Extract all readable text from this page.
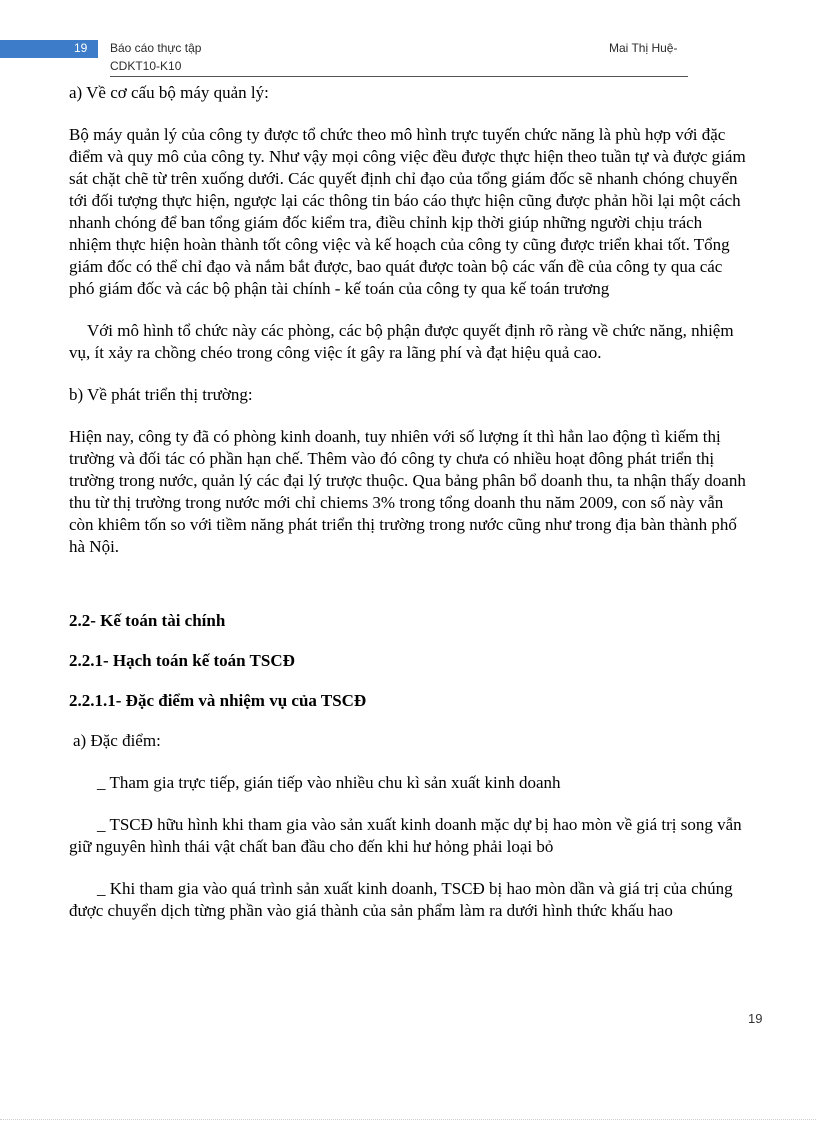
19 Báo cáo thực tập	Mai Thị Huệ-
CDKT10-K10

a) Về cơ cấu bộ máy quản lý:

Bộ máy quản lý của công ty được tổ chức theo mô hình trực tuyến chức năng là phù hợp với đặc điểm và quy mô của công ty. Như vậy mọi công việc đều được thực hiện theo tuần tự và được giám sát chặt chẽ từ trên xuống dưới. Các quyết định chỉ đạo của tổng giám đốc sẽ nhanh chóng chuyển tới đối tượng thực hiện, ngược lại các thông tin báo cáo thực hiện cũng được phản hồi lại một cách nhanh chóng để ban tổng giám đốc kiểm tra, điều chỉnh kịp thời giúp những người chịu trách nhiệm thực hiện hoàn thành tốt công việc và kế hoạch của công ty cũng được triển khai tốt. Tổng giám đốc có thể chỉ đạo và nắm bắt được, bao quát được toàn bộ các vấn đề của công ty qua các phó giám đốc và các bộ phận tài chính - kế toán của công ty qua kế toán trương

Với mô hình tổ chức này các phòng, các bộ phận được quyết định rõ ràng về chức năng, nhiệm vụ, ít xảy ra chồng chéo trong công việc ít gây ra lãng phí và đạt hiệu quả cao.

b) Về phát triển thị trường:

Hiện nay, công ty đã có phòng kinh doanh, tuy nhiên với số lượng ít thì hẳn lao động tì kiếm thị trường và đối tác có phần hạn chế. Thêm vào đó công ty chưa có nhiều hoạt đông phát triển thị trường trong nước, quản lý các đại lý trược thuộc. Qua bảng phân bổ doanh thu, ta nhận thấy doanh thu từ thị trường trong nước mới chỉ chiems 3% trong tổng doanh thu năm 2009, con số này vẫn còn khiêm tốn so với tiềm năng phát triển thị trường trong nước cũng như trong địa bàn thành phố hà Nội.

2.2- Kế toán tài chính

2.2.1- Hạch toán kế toán TSCĐ

2.2.1.1- Đặc điểm và nhiệm vụ của TSCĐ

a) Đặc điểm:

_ Tham gia trực tiếp, gián tiếp vào nhiều chu kì sản xuất kinh doanh

_ TSCĐ hữu hình khi tham gia vào sản xuất kinh doanh mặc dự bị hao mòn về giá trị song vẫn giữ nguyên hình thái vật chất ban đầu cho đến khi hư hỏng phải loại bỏ

_ Khi tham gia vào quá trình sản xuất kinh doanh, TSCĐ bị hao mòn dần và giá trị của chúng được chuyển dịch từng phần vào giá thành của sản phẩm làm ra dưới hình thức khấu hao

19
